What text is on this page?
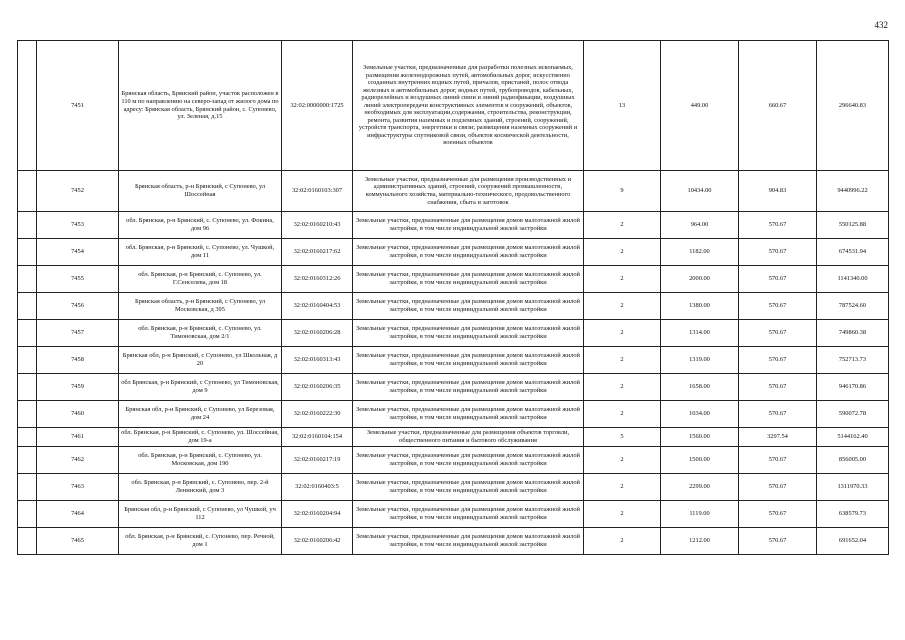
432
	7451	Брянская область, Брянский район, участок расположен в 110 м по направлению на северо-запад от жилого дома по адресу: Брянская область, Брянский район, с. Супонево, ул. Зеленая, д.15	32:02:0000000:1725	Земельные участки, предназначенные для разработки полезных ископаемых, размещения железнодорожных путей, автомобильных дорог, искусственно созданных внутренних водных путей, причалов, пристаней, полос отвода железных и автомобильных дорог, водных путей, трубопроводов, кабельных, радиорелейных и воздушных линий связи и линий радиофикации, воздушных линий электропередачи конструктивных элементов и сооружений, объектов, необходимых для эксплуатации,содержания, строительства, реконструкции, ремонта, развития наземных и подземных зданий, строений, сооружений, устройств транспорта, энергетики и связи; размещения наземных сооружений и инфраструктуры спутниковой связи, объектов космической деятельности, военных объектов	13	449.00	660.67	296640.83
	7452	Брянская область, р-н Брянский, с Супонево, ул Шоссейная	32:02:0160103:307	Земельные участки, предназначенные для размещения производственных и административных зданий, строений, сооружений промышленности, коммунального хозяйства, материально-технического, продовольственного снабжения, сбыта и заготовок	9	10434.00	904.83	9440996.22
	7453	обл. Брянская, р-н Брянский, с. Супонево, ул. Фокина, дом 96	32:02:0160210:43	Земельные участки, предназначенные для размещения домов малоэтажной жилой застройки, в том числе индивидуальной жилой застройки	2	964.00	570.67	550125.88
	7454	обл. Брянская, р-н Брянский, с. Супонево, ул. Чушкой, дом 11	32:02:0160217:62	Земельные участки, предназначенные для размещения домов малоэтажной жилой застройки, в том числе индивидуальной жилой застройки	2	1182.00	570.67	674531.94
	7455	обл. Брянская, р-н Брянский, с. Супонево, ул. Г.Сенселева, дом 18	32:02:0160312:26	Земельные участки, предназначенные для размещения домов малоэтажной жилой застройки, в том числе индивидуальной жилой застройки	2	2000.00	570.67	1141340.00
	7456	Брянская область, р-н Брянский, с Супонево, ул Московская, д 395	32:02:0160404:53	Земельные участки, предназначенные для размещения домов малоэтажной жилой застройки, в том числе индивидуальной жилой застройки	2	1380.00	570.67	787524.60
	7457	обл. Брянская, р-н Брянский, с. Супонево, ул. Тимоновская, дом 2/1	32:02:0160206:28	Земельные участки, предназначенные для размещения домов малоэтажной жилой застройки, в том числе индивидуальной жилой застройки	2	1314.00	570.67	749860.38
	7458	Брянская обл, р-н Брянский, с Супонево, ул Школьная, д 20	32:02:0160313:43	Земельные участки, предназначенные для размещения домов малоэтажной жилой застройки, в том числе индивидуальной жилой застройки	2	1319.00	570.67	752713.73
	7459	обл Брянская, р-н Брянский, с Супонево, ул Тимоновская, дом 9	32:02:0160206:35	Земельные участки, предназначенные для размещения домов малоэтажной жилой застройки, в том числе индивидуальной жилой застройки	2	1658.00	570.67	946170.86
	7460	Брянская обл, р-н Брянский, с Супонево, ул Березовая, дом 24	32:02:0160222:30	Земельные участки, предназначенные для размещения домов малоэтажной жилой застройки, в том числе индивидуальной жилой застройки	2	1034.00	570.67	590072.78
	7461	обл. Брянская, р-н Брянский, с. Супонево, ул. Шоссейная, дом 19-а	32:02:0160104:154	Земельные участки, предназначенные для размещения объектов торговли, общественного питания и бытового обслуживания	5	1560.00	3297.54	5144162.40
	7462	обл. Брянская, р-н Брянский, с. Супонево, ул. Московская, дом 190	32:02:0160217:19	Земельные участки, предназначенные для размещения домов малоэтажной жилой застройки, в том числе индивидуальной жилой застройки	2	1500.00	570.67	856005.00
	7463	обл. Брянская, р-н Брянский, с. Супонево, пер. 2-й Ленинский, дом 3	32:02:0160403:5	Земельные участки, предназначенные для размещения домов малоэтажной жилой застройки, в том числе индивидуальной жилой застройки	2	2299.00	570.67	1311970.33
	7464	Брянская обл, р-н Брянский, с Супонево, ул Чушкой, уч 112	32:02:0160204:94	Земельные участки, предназначенные для размещения домов малоэтажной жилой застройки, в том числе индивидуальной жилой застройки	2	1119.00	570.67	638579.73
	7465	обл. Брянская, р-н Брянский, с. Супонево, пер. Речной, дом 1	32:02:0160206:42	Земельные участки, предназначенные для размещения домов малоэтажной жилой застройки, в том числе индивидуальной жилой застройки	2	1212.00	570.67	691652.04
